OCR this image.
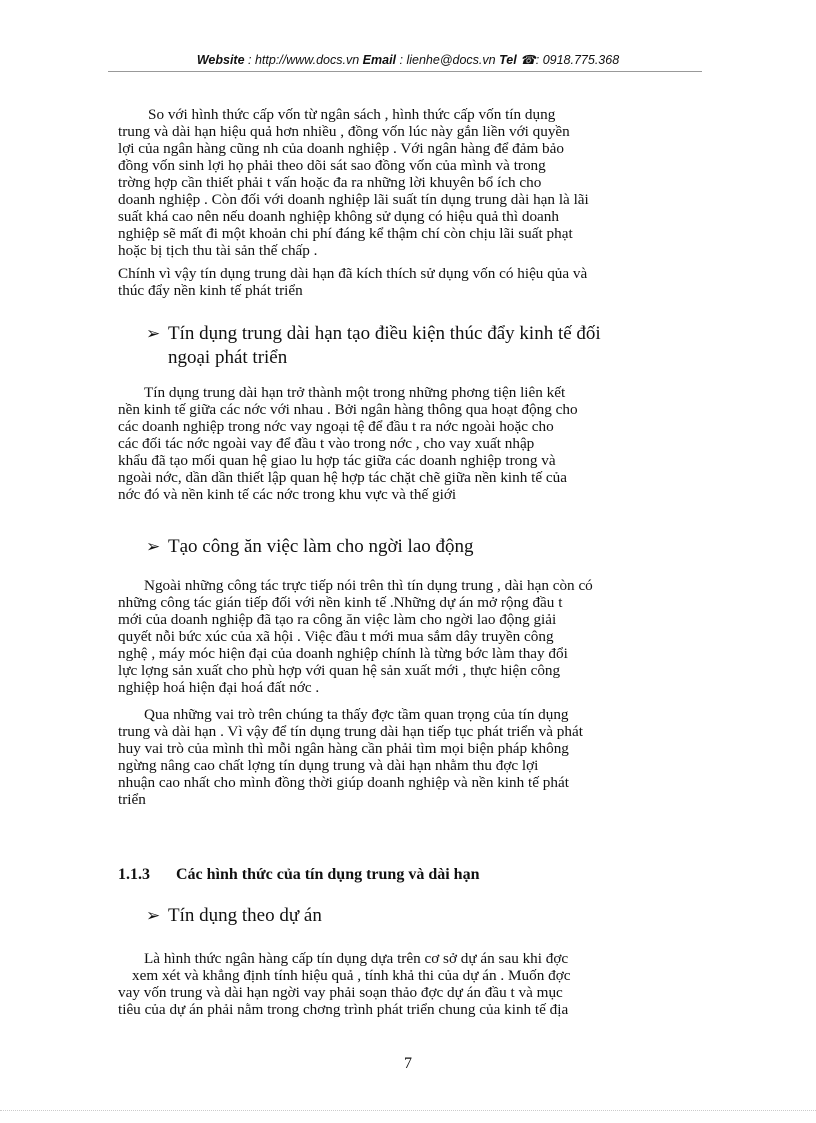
Website : http://www.docs.vn Email : lienhe@docs.vn Tel ☎: 0918.775.368
So với hình thức cấp vốn từ ngân sách , hình thức cấp vốn tín dụng
trung và dài hạn hiệu quả hơn nhiều , đồng vốn lúc này gắn liền với quyền
lợi của ngân hàng cũng nh của doanh nghiệp . Với ngân hàng để đảm bảo
đồng vốn sinh lợi họ phải theo dõi sát sao đồng vốn của mình và trong
trờng hợp cần thiết phải t vấn hoặc đa ra những lời khuyên bổ ích cho
doanh nghiệp . Còn đối với doanh nghiệp lãi suất tín dụng trung dài hạn là lãi
suất khá cao nên nếu doanh nghiệp không sử dụng có hiệu quả thì doanh
nghiệp sẽ mất đi một khoản chi phí đáng kể thậm chí còn chịu lãi suất phạt
hoặc bị tịch thu tài sản thế chấp .
Chính vì vậy tín dụng trung dài hạn đã kích thích sử dụng vốn có hiệu qủa và
thúc đẩy nền kinh tế phát triển
➢ Tín dụng trung dài hạn tạo điều kiện thúc đẩy kinh tế đối
ngoại phát triển
Tín dụng trung dài hạn trở thành một trong những phơng tiện liên kết
nền kinh tế giữa các nớc với nhau . Bởi ngân hàng thông qua hoạt động cho
các doanh nghiệp trong nớc vay ngoại tệ để đầu t ra nớc ngoài hoặc cho
các đối tác nớc ngoài vay để đầu t vào trong nớc , cho vay xuất nhập
khẩu đã tạo mối quan hệ giao lu hợp tác giữa các doanh nghiệp trong và
ngoài nớc, dần dần thiết lập quan hệ hợp tác chặt chẽ giữa nền kinh tế của
nớc đó và nền kinh tế các nớc trong khu vực và thế giới
➢ Tạo công ăn việc làm cho ngời lao động
Ngoài những công tác trực tiếp nói trên thì tín dụng trung , dài hạn còn có
những công tác gián tiếp đối với nền kinh tế .Những dự án mở rộng đầu t
mới của doanh nghiệp đã tạo ra công ăn việc làm cho ngời lao động giải
quyết nỗi bức xúc của xã hội . Việc đầu t mới mua sắm dây truyền công
nghệ , máy móc hiện đại của doanh nghiệp chính là từng bớc làm thay đổi
lực lợng sản xuất cho phù hợp với quan hệ sản xuất mới , thực hiện công
nghiệp hoá hiện đại hoá đất nớc .
Qua những vai trò trên chúng ta thấy đợc tầm quan trọng của tín dụng
trung và dài hạn . Vì vậy để tín dụng trung dài hạn tiếp tục phát triển và phát
huy vai trò của mình thì mỗi ngân hàng cần phải tìm mọi biện pháp không
ngừng nâng cao chất lợng tín dụng trung và dài hạn nhằm thu đợc lợi
nhuận cao nhất cho mình đồng thời giúp doanh nghiệp và nền kinh tế phát
triển
1.1.3 Các hình thức của tín dụng trung và dài hạn
➢ Tín dụng theo dự án
Là hình thức ngân hàng cấp tín dụng dựa trên cơ sở dự án sau khi đợc
xem xét và khẳng định tính hiệu quả , tính khả thi của dự án . Muốn đợc
vay vốn trung và dài hạn ngời vay phải soạn thảo đợc dự án đầu t và mục
tiêu của dự án phải nằm trong chơng trình phát triển chung của kinh tế địa
7
